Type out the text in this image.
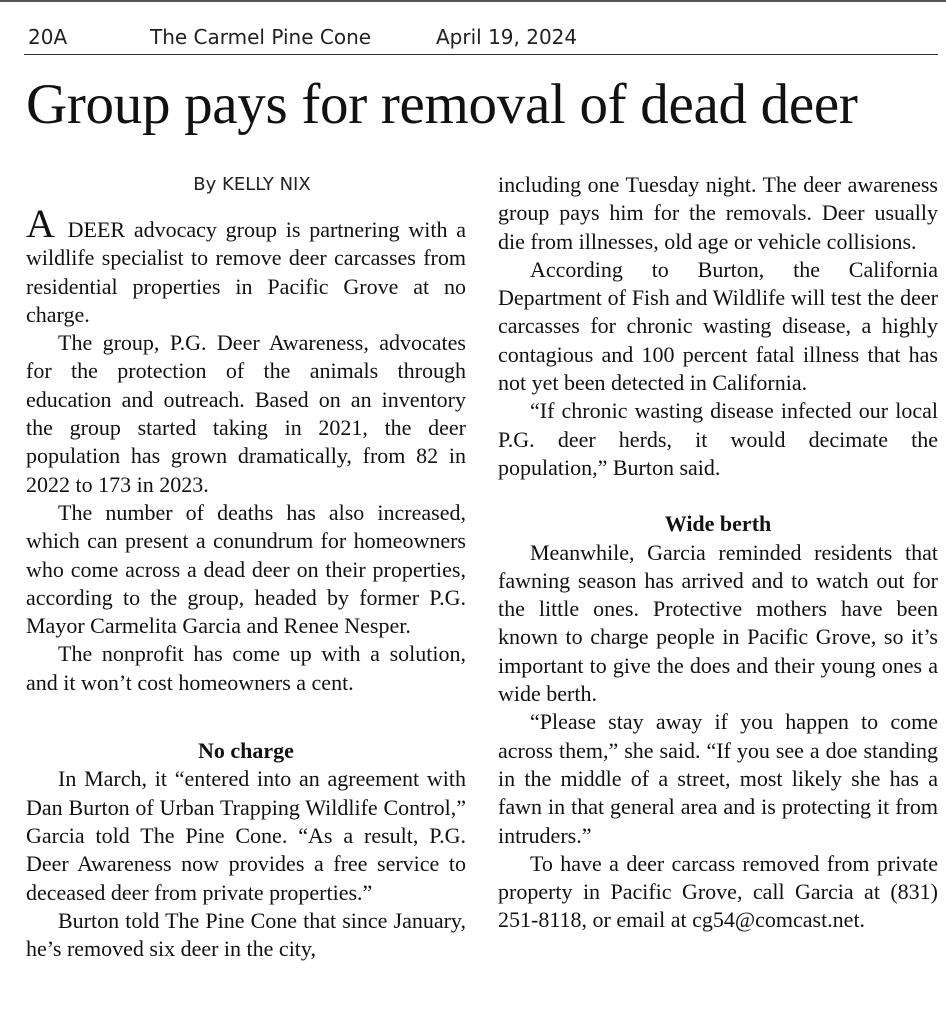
20A	The Carmel Pine Cone	April 19, 2024
Group pays for removal of dead deer
By KELLY NIX

A DEER advocacy group is partnering with a wildlife specialist to remove deer carcasses from residential properties in Pacific Grove at no charge.

The group, P.G. Deer Awareness, advocates for the protection of the animals through education and outreach. Based on an inventory the group started taking in 2021, the deer population has grown dramatically, from 82 in 2022 to 173 in 2023.

The number of deaths has also increased, which can present a conundrum for homeowners who come across a dead deer on their properties, according to the group, headed by former P.G. Mayor Carmelita Garcia and Renee Nesper.

The nonprofit has come up with a solution, and it won’t cost homeowners a cent.

No charge

In March, it “entered into an agreement with Dan Burton of Urban Trapping Wildlife Control,” Garcia told The Pine Cone. “As a result, P.G. Deer Awareness now provides a free service to deceased deer from private properties.”

Burton told The Pine Cone that since January, he’s removed six deer in the city,

including one Tuesday night. The deer awareness group pays him for the removals. Deer usually die from illnesses, old age or vehicle collisions.

According to Burton, the California Department of Fish and Wildlife will test the deer carcasses for chronic wasting disease, a highly contagious and 100 percent fatal illness that has not yet been detected in California.

“If chronic wasting disease infected our local P.G. deer herds, it would decimate the population,” Burton said.

Wide berth

Meanwhile, Garcia reminded residents that fawning season has arrived and to watch out for the little ones. Protective mothers have been known to charge people in Pacific Grove, so it’s important to give the does and their young ones a wide berth.

“Please stay away if you happen to come across them,” she said. “If you see a doe standing in the middle of a street, most likely she has a fawn in that general area and is protecting it from intruders.”

To have a deer carcass removed from private property in Pacific Grove, call Garcia at (831) 251-8118, or email at cg54@comcast.net.
